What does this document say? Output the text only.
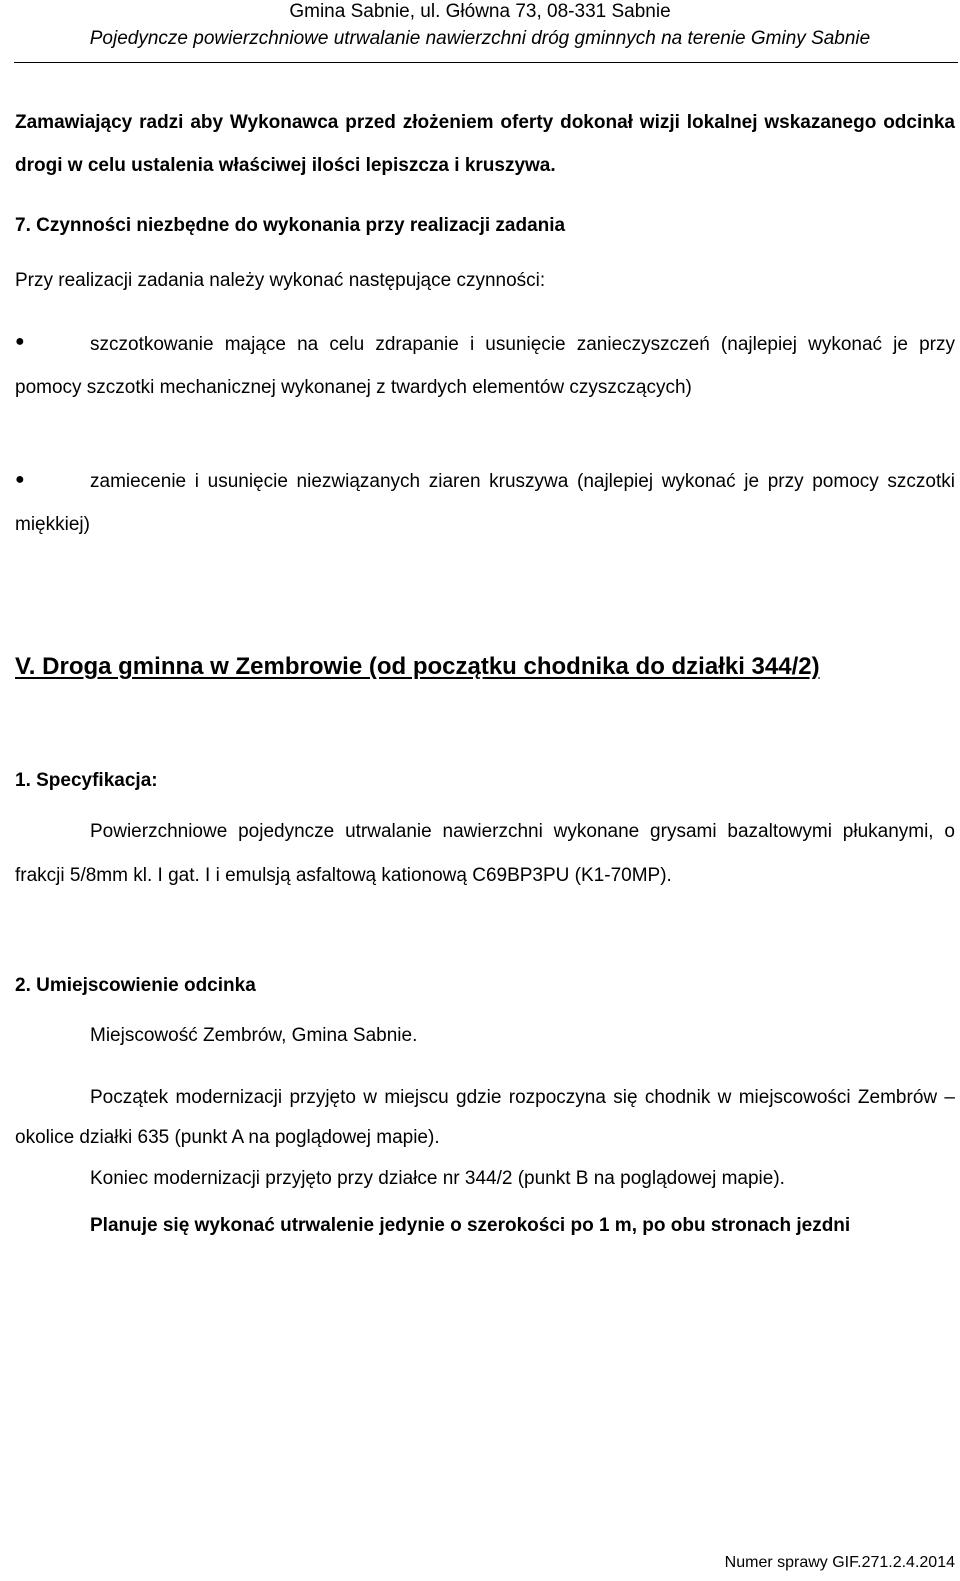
Gmina Sabnie, ul. Główna 73, 08-331 Sabnie
Pojedyncze powierzchniowe utrwalanie nawierzchni dróg gminnych na terenie Gminy Sabnie

Zamawiający radzi aby Wykonawca przed złożeniem oferty dokonał wizji lokalnej wskazanego odcinka drogi w celu ustalenia właściwej ilości lepiszcza i kruszywa.

7. Czynności niezbędne do wykonania przy realizacji zadania

Przy realizacji zadania należy wykonać następujące czynności:

●	szczotkowanie mające na celu zdrapanie i usunięcie zanieczyszczeń (najlepiej wykonać je przy pomocy szczotki mechanicznej wykonanej z twardych elementów czyszczących)

●	zamiecenie i usunięcie niezwiązanych ziaren kruszywa (najlepiej wykonać je przy pomocy szczotki miękkiej)

V. Droga gminna w Zembrowie (od początku chodnika do działki 344/2)

1. Specyfikacja:

Powierzchniowe pojedyncze utrwalanie nawierzchni wykonane grysami bazaltowymi płukanymi, o frakcji 5/8mm kl. I gat. I i emulsją asfaltową kationową C69BP3PU (K1-70MP).

2. Umiejscowienie odcinka

Miejscowość Zembrów, Gmina Sabnie.

Początek modernizacji przyjęto w miejscu gdzie rozpoczyna się chodnik w miejscowości Zembrów – okolice działki 635 (punkt A na poglądowej mapie).

Koniec modernizacji przyjęto przy działce nr 344/2 (punkt B na poglądowej mapie).

Planuje się wykonać utrwalenie jedynie o szerokości po 1 m, po obu stronach jezdni

Numer sprawy GIF.271.2.4.2014
